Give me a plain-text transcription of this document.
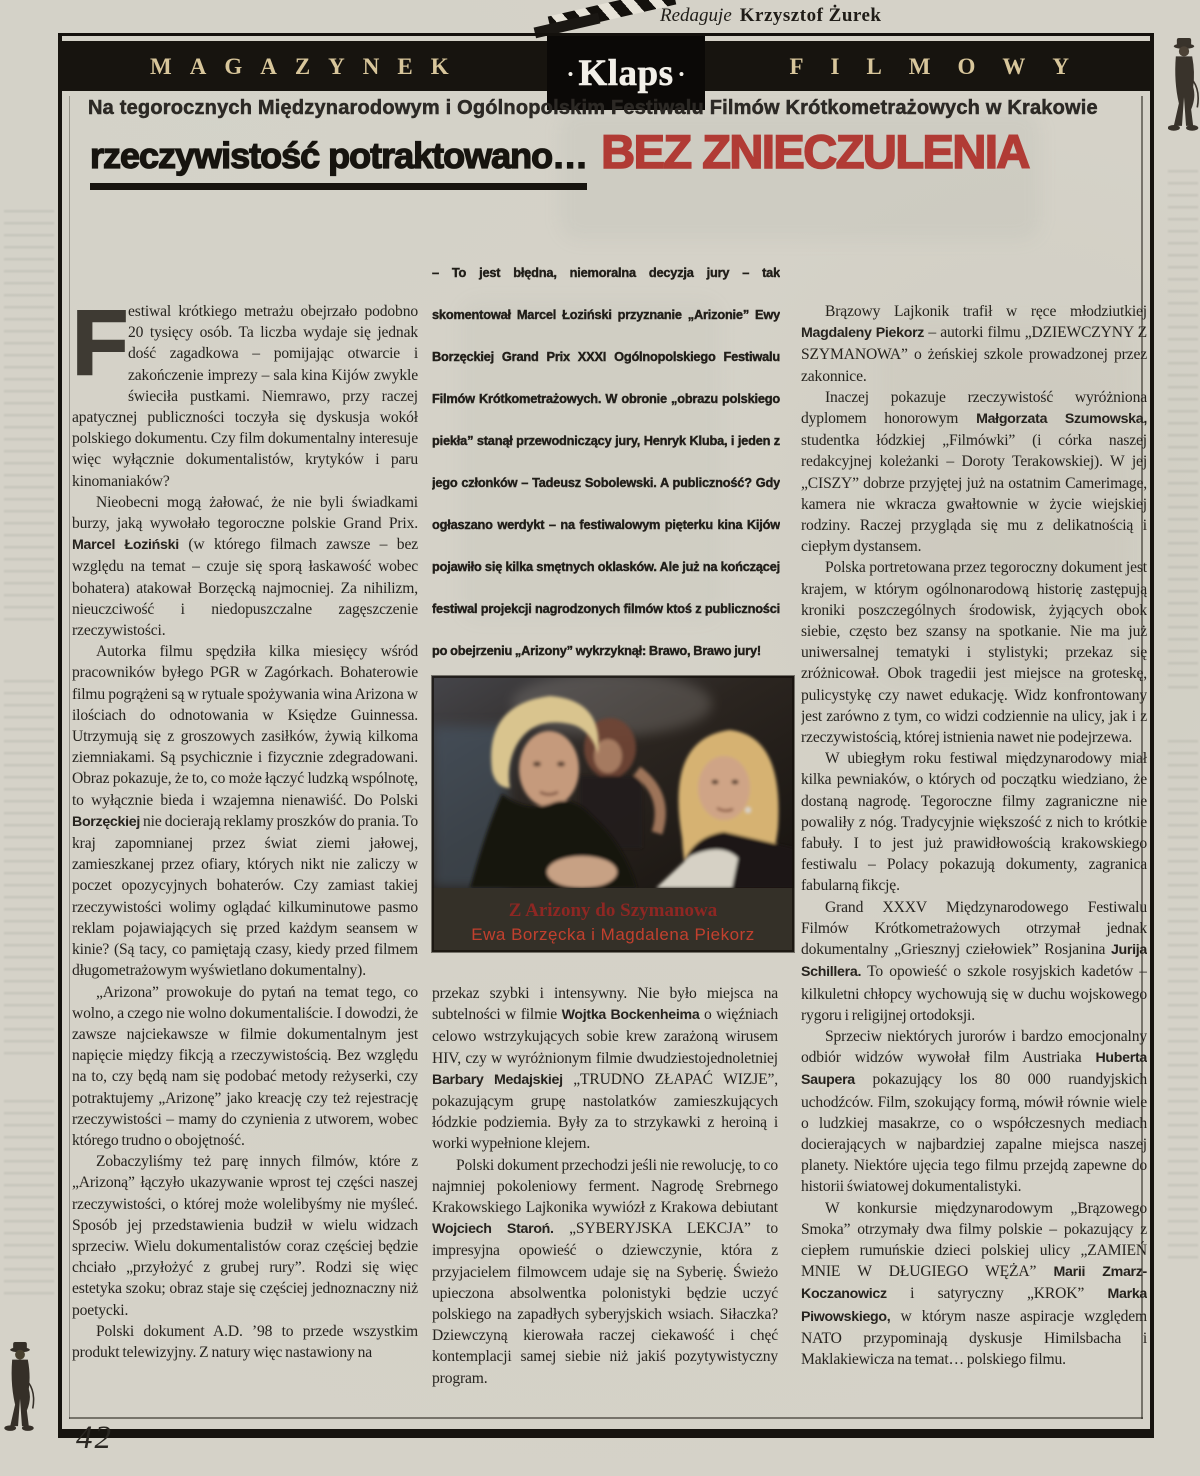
Redaguje Krzysztof Żurek
MAGAZYNEK	• Klaps •	FILMOWY
Na tegorocznych Międzynarodowym i Ogólnopolskim Festiwalu Filmów Krótkometrażowych w Krakowie
rzeczywistość potraktowano… BEZ ZNIECZULENIA

Festiwal krótkiego metrażu obejrzało podobno 20 tysięcy osób. Ta liczba wydaje się jednak dość zagadkowa – pomijając otwarcie i zakończenie imprezy – sala kina Kijów zwykle świeciła pustkami. Niemrawo, przy raczej apatycznej publiczności toczyła się dyskusja wokół polskiego dokumentu. Czy film dokumentalny interesuje więc wyłącznie dokumentalistów, krytyków i paru kinomaniaków?

Nieobecni mogą żałować, że nie byli świadkami burzy, jaką wywołało tegoroczne polskie Grand Prix. Marcel Łoziński (w którego filmach zawsze – bez względu na temat – czuje się sporą łaskawość wobec bohatera) atakował Borzęcką najmocniej. Za nihilizm, nieuczciwość i niedopuszczalne zagęszczenie rzeczywistości.

Autorka filmu spędziła kilka miesięcy wśród pracowników byłego PGR w Zagórkach. Bohaterowie filmu pogrążeni są w rytuale spożywania wina Arizona w ilościach do odnotowania w Księdze Guinnessa. Utrzymują się z groszowych zasiłków, żywią kilkoma ziemniakami. Są psychicznie i fizycznie zdegradowani. Obraz pokazuje, że to, co może łączyć ludzką wspólnotę, to wyłącznie bieda i wzajemna nienawiść. Do Polski Borzęckiej nie docierają reklamy proszków do prania. To kraj zapomnianej przez świat ziemi jałowej, zamieszkanej przez ofiary, których nikt nie zaliczy w poczet opozycyjnych bohaterów. Czy zamiast takiej rzeczywistości wolimy oglądać kilkuminutowe pasmo reklam pojawiających się przed każdym seansem w kinie? (Są tacy, co pamiętają czasy, kiedy przed filmem długometrażowym wyświetlano dokumentalny).

„Arizona” prowokuje do pytań na temat tego, co wolno, a czego nie wolno dokumentaliście. I dowodzi, że zawsze najciekawsze w filmie dokumentalnym jest napięcie między fikcją a rzeczywistością. Bez względu na to, czy będą nam się podobać metody reżyserki, czy potraktujemy „Arizonę” jako kreację czy też rejestrację rzeczywistości – mamy do czynienia z utworem, wobec którego trudno o obojętność.

Zobaczyliśmy też parę innych filmów, które z „Arizoną” łączyło ukazywanie wprost tej części naszej rzeczywistości, o której może wolelibyśmy nie myśleć. Sposób jej przedstawienia budził w wielu widzach sprzeciw. Wielu dokumentalistów coraz częściej będzie chciało „przyłożyć z grubej rury”. Rodzi się więc estetyka szoku; obraz staje się częściej jednoznaczny niż poetycki.

Polski dokument A.D. ’98 to przede wszystkim produkt telewizyjny. Z natury więc nastawiony na

– To jest błędna, niemoralna decyzja jury – tak skomentował Marcel Łoziński przyznanie „Arizonie” Ewy Borzęckiej Grand Prix XXXI Ogólnopolskiego Festiwalu Filmów Krótkometrażowych. W obronie „obrazu polskiego piekła” stanął przewodniczący jury, Henryk Kluba, i jeden z jego członków – Tadeusz Sobolewski. A publiczność? Gdy ogłaszano werdykt – na festiwalowym pięterku kina Kijów pojawiło się kilka smętnych oklasków. Ale już na kończącej festiwal projekcji nagrodzonych filmów ktoś z publiczności po obejrzeniu „Arizony” wykrzyknął: Brawo, Brawo jury!
Z Arizony do Szymanowa
Ewa Borzęcka i Magdalena Piekorz

przekaz szybki i intensywny. Nie było miejsca na subtelności w filmie Wojtka Bockenheima o więźniach celowo wstrzykujących sobie krew zarażoną wirusem HIV, czy w wyróżnionym filmie dwudziestojednoletniej Barbary Medajskiej „TRUDNO ZŁAPAĆ WIZJE”, pokazującym grupę nastolatków zamieszkujących łódzkie podziemia. Były za to strzykawki z heroiną i worki wypełnione klejem.

Polski dokument przechodzi jeśli nie rewolucję, to co najmniej pokoleniowy ferment. Nagrodę Srebrnego Krakowskiego Lajkonika wywiózł z Krakowa debiutant Wojciech Staroń. „SYBERYJSKA LEKCJA” to impresyjna opowieść o dziewczynie, która z przyjacielem filmowcem udaje się na Syberię. Świeżo upieczona absolwentka polonistyki będzie uczyć polskiego na zapadłych syberyjskich wsiach. Siłaczka? Dziewczyną kierowała raczej ciekawość i chęć kontemplacji samej siebie niż jakiś pozytywistyczny program.

Brązowy Lajkonik trafił w ręce młodziutkiej Magdaleny Piekorz – autorki filmu „DZIEWCZYNY Z SZYMANOWA” o żeńskiej szkole prowadzonej przez zakonnice.

Inaczej pokazuje rzeczywistość wyróżniona dyplomem honorowym Małgorzata Szumowska, studentka łódzkiej „Filmówki” (i córka naszej redakcyjnej koleżanki – Doroty Terakowskiej). W jej „CISZY” dobrze przyjętej już na ostatnim Camerimage, kamera nie wkracza gwałtownie w życie wiejskiej rodziny. Raczej przygląda się mu z delikatnością i ciepłym dystansem.

Polska portretowana przez tegoroczny dokument jest krajem, w którym ogólnonarodową historię zastępują kroniki poszczególnych środowisk, żyjących obok siebie, często bez szansy na spotkanie. Nie ma już uniwersalnej tematyki i stylistyki; przekaz się zróżnicował. Obok tragedii jest miejsce na groteskę, pulicystykę czy nawet edukację. Widz konfrontowany jest zarówno z tym, co widzi codziennie na ulicy, jak i z rzeczywistością, której istnienia nawet nie podejrzewa.

W ubiegłym roku festiwal międzynarodowy miał kilka pewniaków, o których od początku wiedziano, że dostaną nagrodę. Tegoroczne filmy zagraniczne nie powaliły z nóg. Tradycyjnie większość z nich to krótkie fabuły. I to jest już prawidłowością krakowskiego festiwalu – Polacy pokazują dokumenty, zagranica fabularną fikcję.

Grand XXXV Międzynarodowego Festiwalu Filmów Krótkometrażowych otrzymał jednak dokumentalny „Griesznyj cziełowiek” Rosjanina Jurija Schillera. To opowieść o szkole rosyjskich kadetów – kilkuletni chłopcy wychowują się w duchu wojskowego rygoru i religijnej ortodoksji.

Sprzeciw niektórych jurorów i bardzo emocjonalny odbiór widzów wywołał film Austriaka Huberta Saupera pokazujący los 80 000 ruandyjskich uchodźców. Film, szokujący formą, mówił równie wiele o ludzkiej masakrze, co o współczesnych mediach docierających w najbardziej zapalne miejsca naszej planety. Niektóre ujęcia tego filmu przejdą zapewne do historii światowej dokumentalistyki.

W konkursie międzynarodowym „Brązowego Smoka” otrzymały dwa filmy polskie – pokazujący z ciepłem rumuńskie dzieci polskiej ulicy „ZAMIEŃ MNIE W DŁUGIEGO WĘŻA” Marii Zmarz-Koczanowicz i satyryczny „KROK” Marka Piwowskiego, w którym nasze aspiracje względem NATO przypominają dyskusje Himilsbacha i Maklakiewicza na temat… polskiego filmu.

42
